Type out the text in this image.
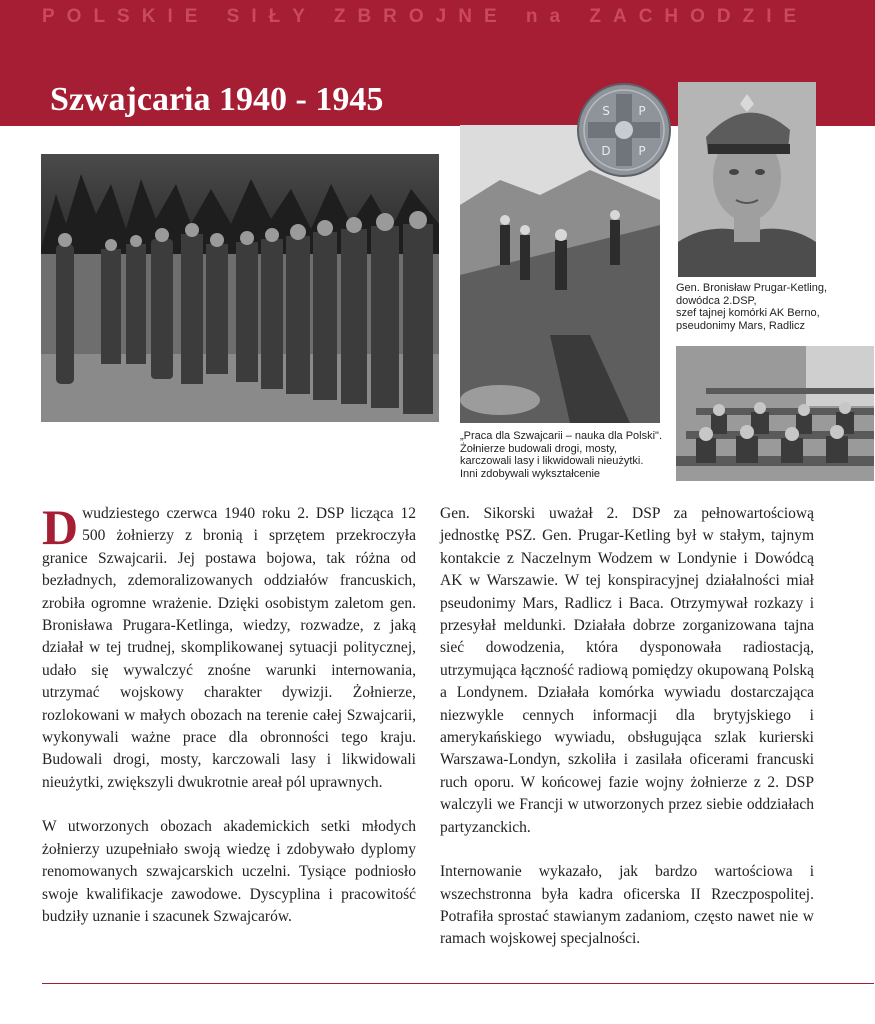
POLSKIE SIŁY ZBROJNE na ZACHODZIE
Szwajcaria 1940 - 1945	S P
D P
Gen. Bronisław Prugar-Ketling,
dowódca 2.DSP,
szef tajnej komórki AK Berno,
pseudonimy Mars, Radlicz
„Praca dla Szwajcarii – nauka dla Polski".
Żołnierze budowali drogi, mosty,
karczowali lasy i likwidowali nieużytki.
Inni zdobywali wykształcenie

Dwudziestego czerwca 1940 roku 2. DSP licząca 12 500 żołnierzy z bronią i sprzętem przekroczyła granice Szwajcarii. Jej postawa bojowa, tak różna od bezładnych, zdemoralizowanych oddziałów francuskich, zrobiła ogromne wrażenie. Dzięki osobistym zaletom gen. Bronisława Prugara-Ketlinga, wiedzy, rozwadze, z jaką działał w tej trudnej, skomplikowanej sytuacji politycznej, udało się wywalczyć znośne warunki internowania, utrzymać wojskowy charakter dywizji. Żołnierze, rozlokowani w małych obozach na terenie całej Szwajcarii, wykonywali ważne prace dla obronności tego kraju. Budowali drogi, mosty, karczowali lasy i likwidowali nieużytki, zwiększyli dwukrotnie areał pól uprawnych.

W utworzonych obozach akademickich setki młodych żołnierzy uzupełniało swoją wiedzę i zdobywało dyplomy renomowanych szwajcarskich uczelni. Tysiące podniosło swoje kwalifikacje zawodowe. Dyscyplina i pracowitość budziły uznanie i szacunek Szwajcarów.

Gen. Sikorski uważał 2. DSP za pełnowartościową jednostkę PSZ. Gen. Prugar-Ketling był w stałym, tajnym kontakcie z Naczelnym Wodzem w Londynie i Dowódcą AK w Warszawie. W tej konspiracyjnej działalności miał pseudonimy Mars, Radlicz i Baca. Otrzymywał rozkazy i przesyłał meldunki. Działała dobrze zorganizowana tajna sieć dowodzenia, która dysponowała radiostacją, utrzymująca łączność radiową pomiędzy okupowaną Polską a Londynem. Działała komórka wywiadu dostarczająca niezwykle cennych informacji dla brytyjskiego i amerykańskiego wywiadu, obsługująca szlak kurierski Warszawa-Londyn, szkoliła i zasilała oficerami francuski ruch oporu. W końcowej fazie wojny żołnierze z 2. DSP walczyli we Francji w utworzonych przez siebie oddziałach partyzanckich.

Internowanie wykazało, jak bardzo wartościowa i wszechstronna była kadra oficerska II Rzeczpospolitej. Potrafiła sprostać stawianym zadaniom, często nawet nie w ramach wojskowej specjalności.
